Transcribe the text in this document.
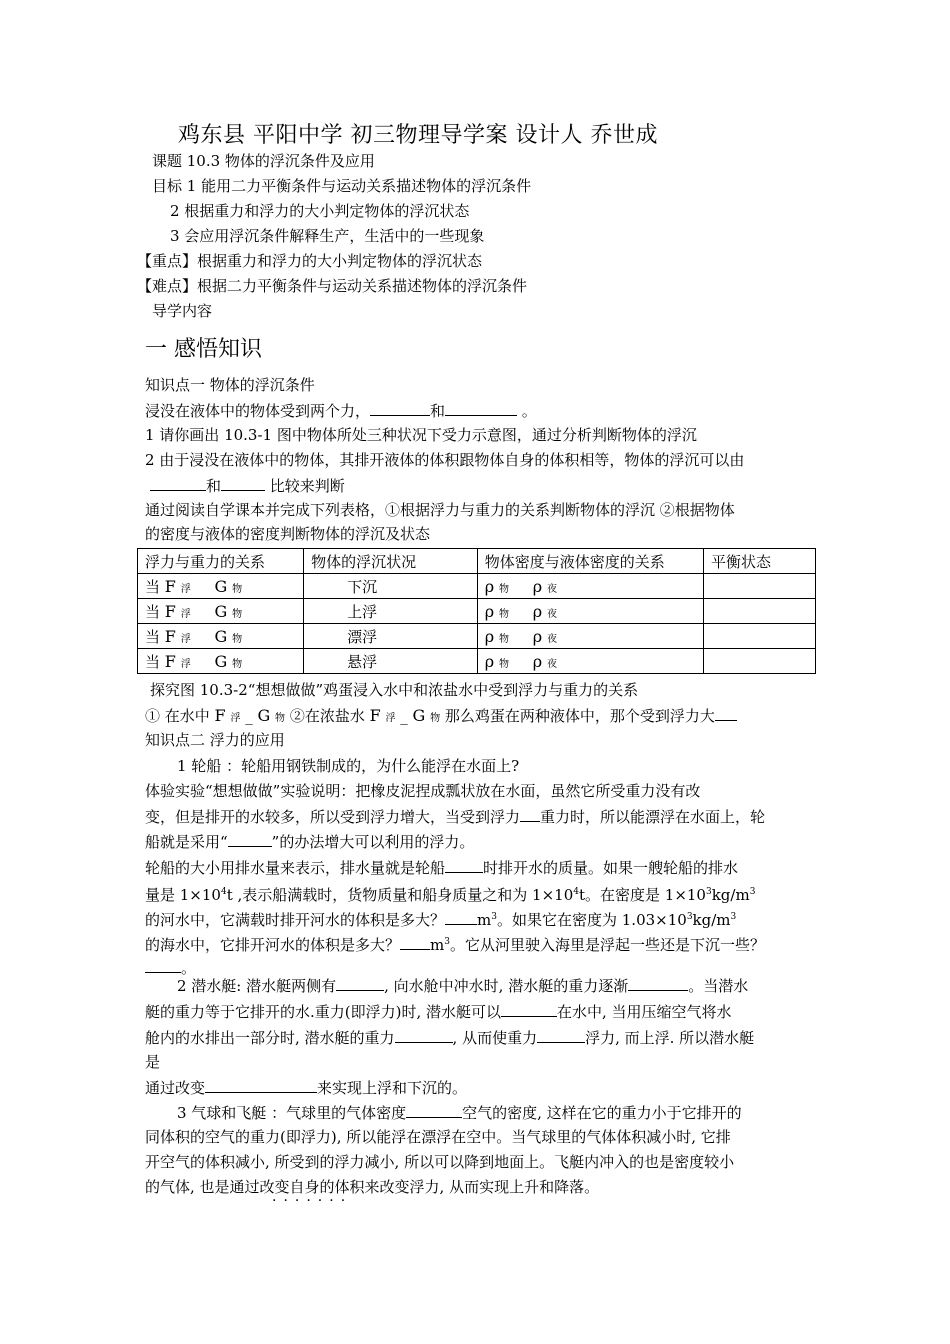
鸡东县 平阳中学 初三物理导学案 设计人 乔世成
课题 10.3 物体的浮沉条件及应用
目标 1 能用二力平衡条件与运动关系描述物体的浮沉条件
2 根据重力和浮力的大小判定物体的浮沉状态
3 会应用浮沉条件解释生产，生活中的一些现象
【重点】根据重力和浮力的大小判定物体的浮沉状态
【难点】根据二力平衡条件与运动关系描述物体的浮沉条件
导学内容
一 感悟知识
知识点一 物体的浮沉条件
浸没在液体中的物体受到两个力，	和	。
1 请你画出 10.3-1 图中物体所处三种状况下受力示意图，通过分析判断物体的浮沉
2 由于浸没在液体中的物体，其排开液体的体积跟物体自身的体积相等，物体的浮沉可以由
和	比较来判断
通过阅读自学课本并完成下列表格，①根据浮力与重力的关系判断物体的浮沉 ②根据物体
的密度与液体的密度判断物体的浮沉及状态
浮力与重力的关系	物体的浮沉状况	物体密度与液体密度的关系	平衡状态
当 F 浮 G 物	下沉	ρ 物 ρ 夜	
当 F 浮 G 物	上浮	ρ 物 ρ 夜	
当 F 浮 G 物	漂浮	ρ 物 ρ 夜	
当 F 浮 G 物	悬浮	ρ 物 ρ 夜	
探究图 10.3-2“想想做做”鸡蛋浸入水中和浓盐水中受到浮力与重力的关系
① 在水中 F 浮 _ G 物 ②在浓盐水 F 浮 _ G 物 那么鸡蛋在两种液体中，那个受到浮力大
知识点二 浮力的应用
1 轮船 ：轮船用钢铁制成的，为什么能浮在水面上?
体验实验“想想做做”实验说明：把橡皮泥捏成瓢状放在水面，虽然它所受重力没有改
变，但是排开的水较多，所以受到浮力增大，当受到浮力 重力时，所以能漂浮在水面上，轮
船就是采用“	”的办法增大可以利用的浮力。
轮船的大小用排水量来表示，排水量就是轮船	时排开水的质量。如果一艘轮船的排水
量是 $1\times 10^4t$ ,表示船满载时，货物质量和船身质量之和为 $1\times 10^4t$。在密度是 $1\times 10^3kg/m^3$
的河水中，它满载时排开河水的体积是多大？ $m^3$。如果它在密度为 $1.03\times 10^3kg/m^3$
的海水中，它排开河水的体积是多大？ $m^3$。它从河里驶入海里是浮起一些还是下沉一些？
。
2 潜水艇: 潜水艇两侧有	, 向水舱中冲水时, 潜水艇的重力逐渐	。当潜水
艇的重力等于它排开的水.重力(即浮力)时, 潜水艇可以	在水中, 当用压缩空气将水
舱内的水排出一部分时, 潜水艇的重力	, 从而使重力	浮力, 而上浮. 所以潜水艇
是
通过改变	来实现上浮和下沉的。
3 气球和飞艇 ：气球里的气体密度	空气的密度, 这样在它的重力小于它排开的
同体积的空气的重力(即浮力), 所以能浮在漂浮在空中。当气球里的气体体积减小时, 它排
开空气的体积减小, 所受到的浮力减小, 所以可以降到地面上。飞艇内冲入的也是密度较小
的气体, 也是通过改变自身的体积来改变浮力, 从而实现上升和降落。
·······
